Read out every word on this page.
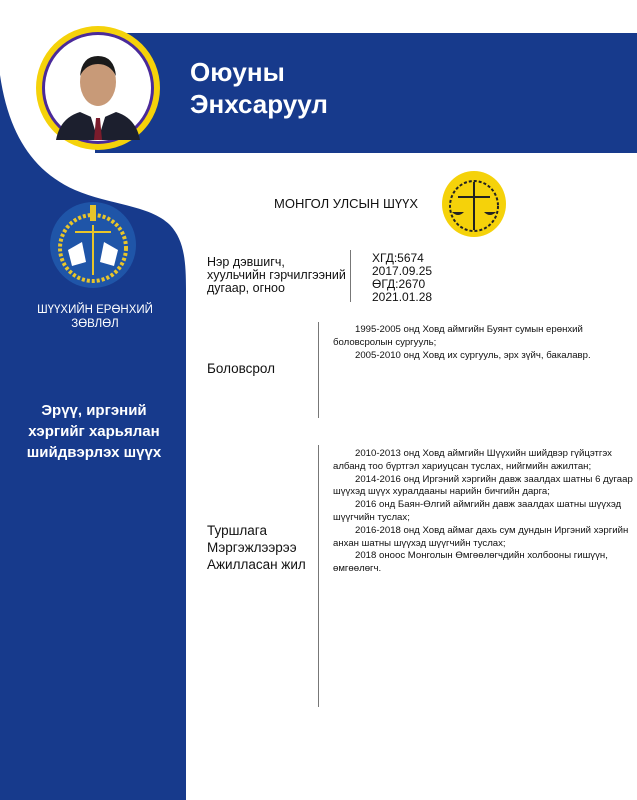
Оюуны
Энхсаруул
ШҮҮХИЙН ЕРӨНХИЙ ЗӨВЛӨЛ
Эрүү, иргэний хэргийг харьялан шийдвэрлэх шүүх
МОНГОЛ УЛСЫН ШҮҮХ
Нэр дэвшигч, хуульчийн гэрчилгээний дугаар, огноо
ХГД:5674
2017.09.25
ӨГД:2670
2021.01.28
Боловсрол

1995-2005 онд Ховд аймгийн Буянт сумын ерөнхий боловсролын сургууль;

2005-2010 онд Ховд их сургууль, эрх зүйч, бакалавр.

Туршлага
Мэргэжлээрээ
Ажилласан жил

2010-2013 онд Ховд аймгийн Шүүхийн шийдвэр гүйцэтгэх албанд тоо бүртгэл хариуцсан туслах, нийгмийн ажилтан;

2014-2016 онд Иргэний хэргийн давж заалдах шатны 6 дугаар шүүхэд шүүх хуралдааны нарийн бичгийн дарга;

2016 онд Баян-Өлгий аймгийн давж заалдах шатны шүүхэд шүүгчийн туслах;

2016-2018 онд Ховд аймаг дахь сум дундын Иргэний хэргийн анхан шатны шүүхэд шүүгчийн туслах;

2018 оноос Монголын Өмгөөлөгчдийн холбооны гишүүн, өмгөөлөгч.
